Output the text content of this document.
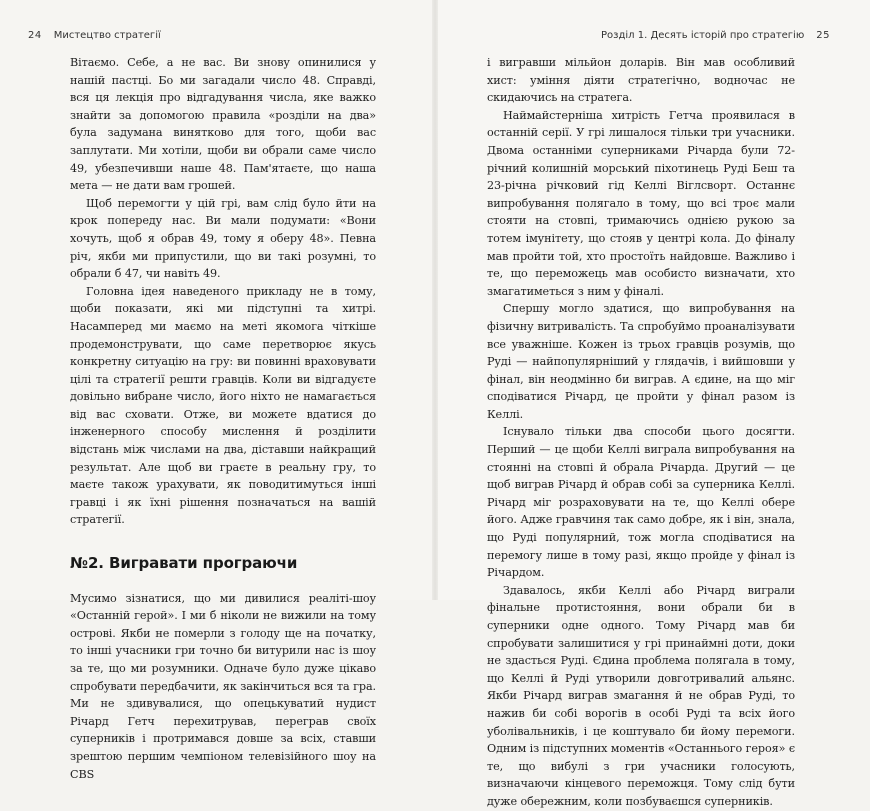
24 Мистецтво стратегії

Вітаємо. Себе, а не вас. Ви знову опинилися у нашій пастці. Бо ми загадали число 48. Справді, вся ця лекція про відгадування числа, яке важко знайти за допомогою правила «розділи на два» була задумана винятково для того, щоби вас заплутати. Ми хотіли, щоби ви обрали саме число 49, убезпечивши наше 48. Пам'ятаєте, що наша мета — не дати вам грошей.

Щоб перемогти у цій грі, вам слід було йти на крок попереду нас. Ви мали подумати: «Вони хочуть, щоб я обрав 49, тому я оберу 48». Певна річ, якби ми припустили, що ви такі розумні, то обрали б 47, чи навіть 49.

Головна ідея наведеного прикладу не в тому, щоби показати, які ми підступні та хитрі. Насамперед ми маємо на меті якомога чіткіше продемонструвати, що саме перетворює якусь конкретну ситуацію на гру: ви повинні враховувати цілі та стратегії решти гравців. Коли ви відгадуєте довільно вибране число, його ніхто не намагається від вас сховати. Отже, ви можете вдатися до інженерного способу мислення й розділити відстань між числами на два, діставши найкращий результат. Але щоб ви граєте в реальну гру, то маєте також урахувати, як поводитимуться інші гравці і як їхні рішення позначаться на вашій стратегії.

№2. Вигравати програючи

Мусимо зізнатися, що ми дивилися реаліті-шоу «Останній герой». І ми б ніколи не вижили на тому острові. Якби не померли з голоду ще на початку, то інші учасники гри точно би витурили нас із шоу за те, що ми розумники. Одначе було дуже цікаво спробувати передбачити, як закінчиться вся та гра. Ми не здивувалися, що опецькуватий нудист Річард Гетч перехитрував, переграв своїх суперників і протримався довше за всіх, ставши зрештою першим чемпіоном телевізійного шоу на CBS

Розділ 1. Десять історій про стратегію 25

і вигравши мільйон доларів. Він мав особливий хист: уміння діяти стратегічно, водночас не скидаючись на стратега.

Наймайстерніша хитрість Гетча проявилася в останній серії. У грі лишалося тільки три учасники. Двома останніми суперниками Річарда були 72-річний колишній морський піхотинець Руді Беш та 23-річна річковий гід Келлі Віглсворт. Останнє випробування полягало в тому, що всі троє мали стояти на стовпі, тримаючись однією рукою за тотем імунітету, що стояв у центрі кола. До фіналу мав пройти той, хто простоїть найдовше. Важливо і те, що переможець мав особисто визначати, хто змагатиметься з ним у фіналі.

Спершу могло здатися, що випробування на фізичну витривалість. Та спробуймо проаналізувати все уважніше. Кожен із трьох гравців розумів, що Руді — найпопулярніший у глядачів, і вийшовши у фінал, він неодмінно би виграв. А єдине, на що міг сподіватися Річард, це пройти у фінал разом із Келлі.

Існувало тільки два способи цього досягти. Перший — це щоби Келлі виграла випробування на стоянні на стовпі й обрала Річарда. Другий — це щоб виграв Річард й обрав собі за суперника Келлі. Річард міг розраховувати на те, що Келлі обере його. Адже гравчиня так само добре, як і він, знала, що Руді популярний, тож могла сподіватися на перемогу лише в тому разі, якщо пройде у фінал із Річардом.

Здавалось, якби Келлі або Річард виграли фінальне протистояння, вони обрали би в суперники одне одного. Тому Річард мав би спробувати залишитися у грі принаймні доти, доки не здасться Руді. Єдина проблема полягала в тому, що Келлі й Руді утворили довготривалий альянс. Якби Річард виграв змагання й не обрав Руді, то нажив би собі ворогів в особі Руді та всіх його уболівальників, і це коштувало би йому перемоги. Одним із підступних моментів «Останнього героя» є те, що вибулі з гри учасники голосують, визначаючи кінцевого переможця. Тому слід бути дуже обережним, коли позбуваєшся суперників.
